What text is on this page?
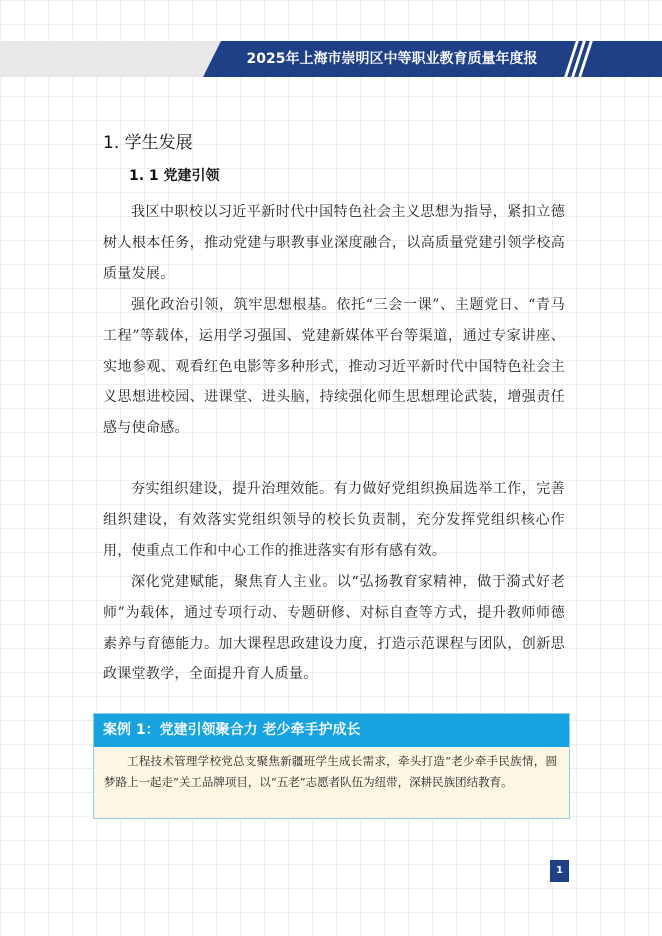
2025年上海市崇明区中等职业教育质量年度报告
1. 学生发展
1. 1 党建引领

我区中职校以习近平新时代中国特色社会主义思想为指导，紧扣立德树人根本任务，推动党建与职教事业深度融合，以高质量党建引领学校高质量发展。

强化政治引领，筑牢思想根基。依托“三会一课”、主题党日、“青马工程”等载体，运用学习强国、党建新媒体平台等渠道，通过专家讲座、实地参观、观看红色电影等多种形式，推动习近平新时代中国特色社会主义思想进校园、进课堂、进头脑，持续强化师生思想理论武装，增强责任感与使命感。

夯实组织建设，提升治理效能。有力做好党组织换届选举工作，完善组织建设，有效落实党组织领导的校长负责制，充分发挥党组织核心作用，使重点工作和中心工作的推进落实有形有感有效。

深化党建赋能，聚焦育人主业。以“弘扬教育家精神，做于漪式好老师”为载体，通过专项行动、专题研修、对标自查等方式，提升教师师德素养与育德能力。加大课程思政建设力度，打造示范课程与团队，创新思政课堂教学，全面提升育人质量。

案例 1：党建引领聚合力 老少牵手护成长
工程技术管理学校党总支聚焦新疆班学生成长需求，牵头打造“老少牵手民族情，圆梦路上一起走”关工品牌项目，以“五老”志愿者队伍为纽带，深耕民族团结教育。
1
